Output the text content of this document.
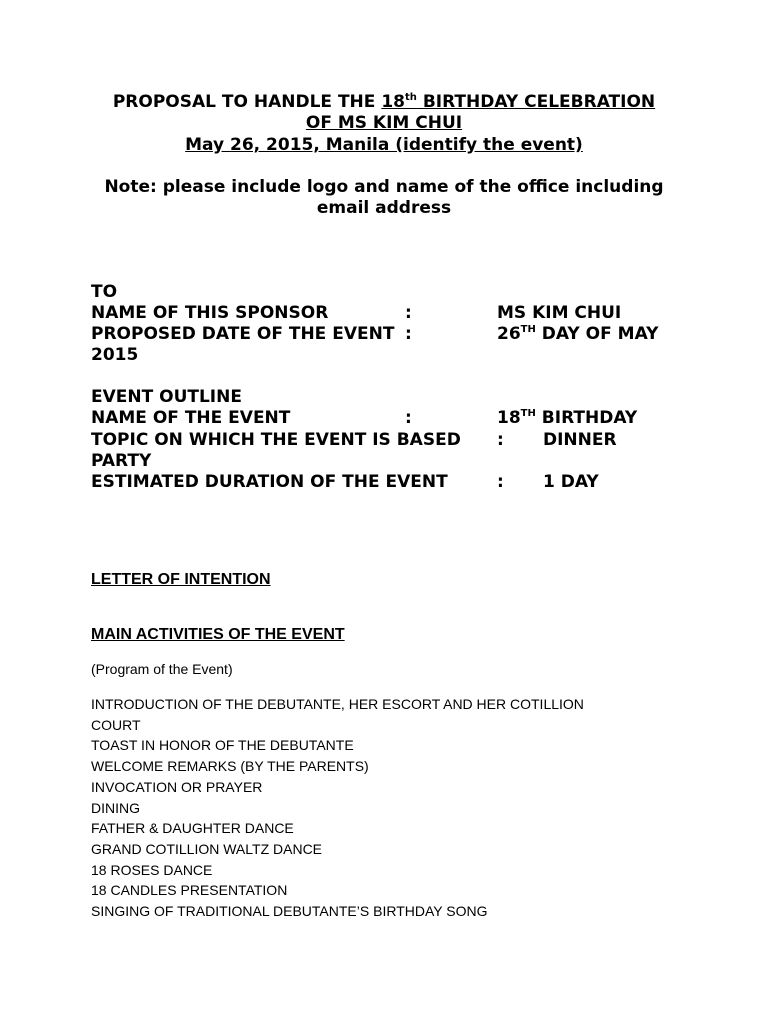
PROPOSAL TO HANDLE THE 18th BIRTHDAY CELEBRATION
OF MS KIM CHUI
May 26, 2015, Manila (identify the event)
Note: please include logo and name of the office including
email address
TO
NAME OF THIS SPONSOR	:	MS KIM CHUI
PROPOSED DATE OF THE EVENT :	26TH DAY OF MAY
2015
EVENT OUTLINE
NAME OF THE EVENT	:	18TH BIRTHDAY
TOPIC ON WHICH THE EVENT IS BASED : DINNER
PARTY
ESTIMATED DURATION OF THE EVENT	: 1 DAY
LETTER OF INTENTION
MAIN ACTIVITIES OF THE EVENT
(Program of the Event)
INTRODUCTION OF THE DEBUTANTE, HER ESCORT AND HER COTILLION
COURT
TOAST IN HONOR OF THE DEBUTANTE
WELCOME REMARKS (BY THE PARENTS)
INVOCATION OR PRAYER
DINING
FATHER & DAUGHTER DANCE
GRAND COTILLION WALTZ DANCE
18 ROSES DANCE
18 CANDLES PRESENTATION
SINGING OF TRADITIONAL DEBUTANTE’S BIRTHDAY SONG
